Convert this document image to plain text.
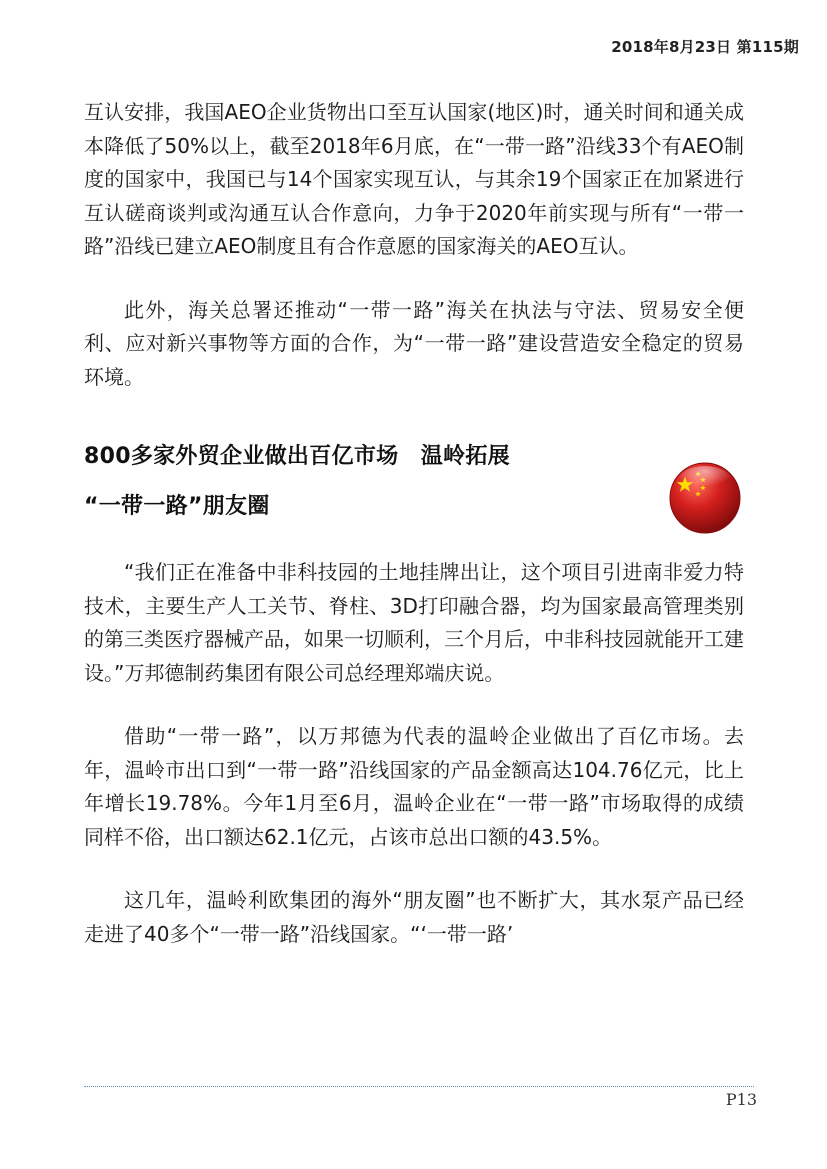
2018年8月23日 第115期

互认安排，我国AEO企业货物出口至互认国家(地区)时，通关时间和通关成本降低了50%以上，截至2018年6月底，在“一带一路”沿线33个有AEO制度的国家中，我国已与14个国家实现互认，与其余19个国家正在加紧进行互认磋商谈判或沟通互认合作意向，力争于2020年前实现与所有“一带一路”沿线已建立AEO制度且有合作意愿的国家海关的AEO互认。

此外，海关总署还推动“一带一路”海关在执法与守法、贸易安全便利、应对新兴事物等方面的合作，为“一带一路”建设营造安全稳定的贸易环境。

800多家外贸企业做出百亿市场　温岭拓展
“一带一路”朋友圈

“我们正在准备中非科技园的土地挂牌出让，这个项目引进南非爱力特技术，主要生产人工关节、脊柱、3D打印融合器，均为国家最高管理类别的第三类医疗器械产品，如果一切顺利，三个月后，中非科技园就能开工建设。”万邦德制药集团有限公司总经理郑端庆说。

借助“一带一路”，以万邦德为代表的温岭企业做出了百亿市场。去年，温岭市出口到“一带一路”沿线国家的产品金额高达104.76亿元，比上年增长19.78%。今年1月至6月，温岭企业在“一带一路”市场取得的成绩同样不俗，出口额达62.1亿元，占该市总出口额的43.5%。

这几年，温岭利欧集团的海外“朋友圈”也不断扩大，其水泵产品已经走进了40多个“一带一路”沿线国家。“‘一带一路’

P13
